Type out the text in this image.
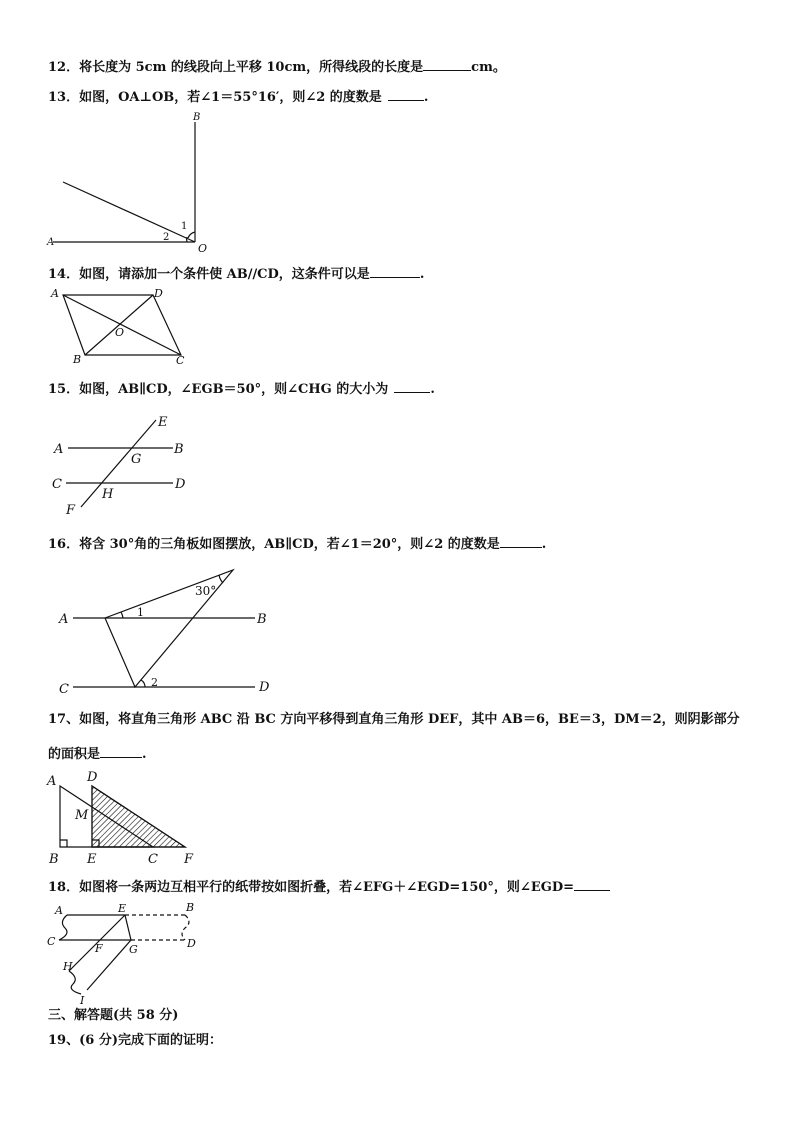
12．将长度为 5cm 的线段向上平移 10cm，所得线段的长度是	cm。
13．如图，OA⊥OB，若∠1＝55°16′，则∠2 的度数是	.
B
A	O
1
2
14．如图，请添加一个条件使 AB//CD，这条件可以是	.
A	D
O
B	C
15．如图，AB∥CD，∠EGB＝50°，则∠CHG 的大小为	.
E
A	B
G
C	D
H
F
16．将含 30°角的三角板如图摆放，AB∥CD，若∠1＝20°，则∠2 的度数是	.
30°
A	1	B
2
C	D
17、如图，将直角三角形 ABC 沿 BC 方向平移得到直角三角形 DEF，其中 AB＝6，BE＝3，DM＝2，则阴影部分
的面积是	.
A D
M
B E	C F
18．如图将一条两边互相平行的纸带按如图折叠，若∠EFG＋∠EGD=150°，则∠EGD=
A	E	B
C
F G	D
H
I
三、解答题(共 58 分)
19、(6 分)完成下面的证明：
